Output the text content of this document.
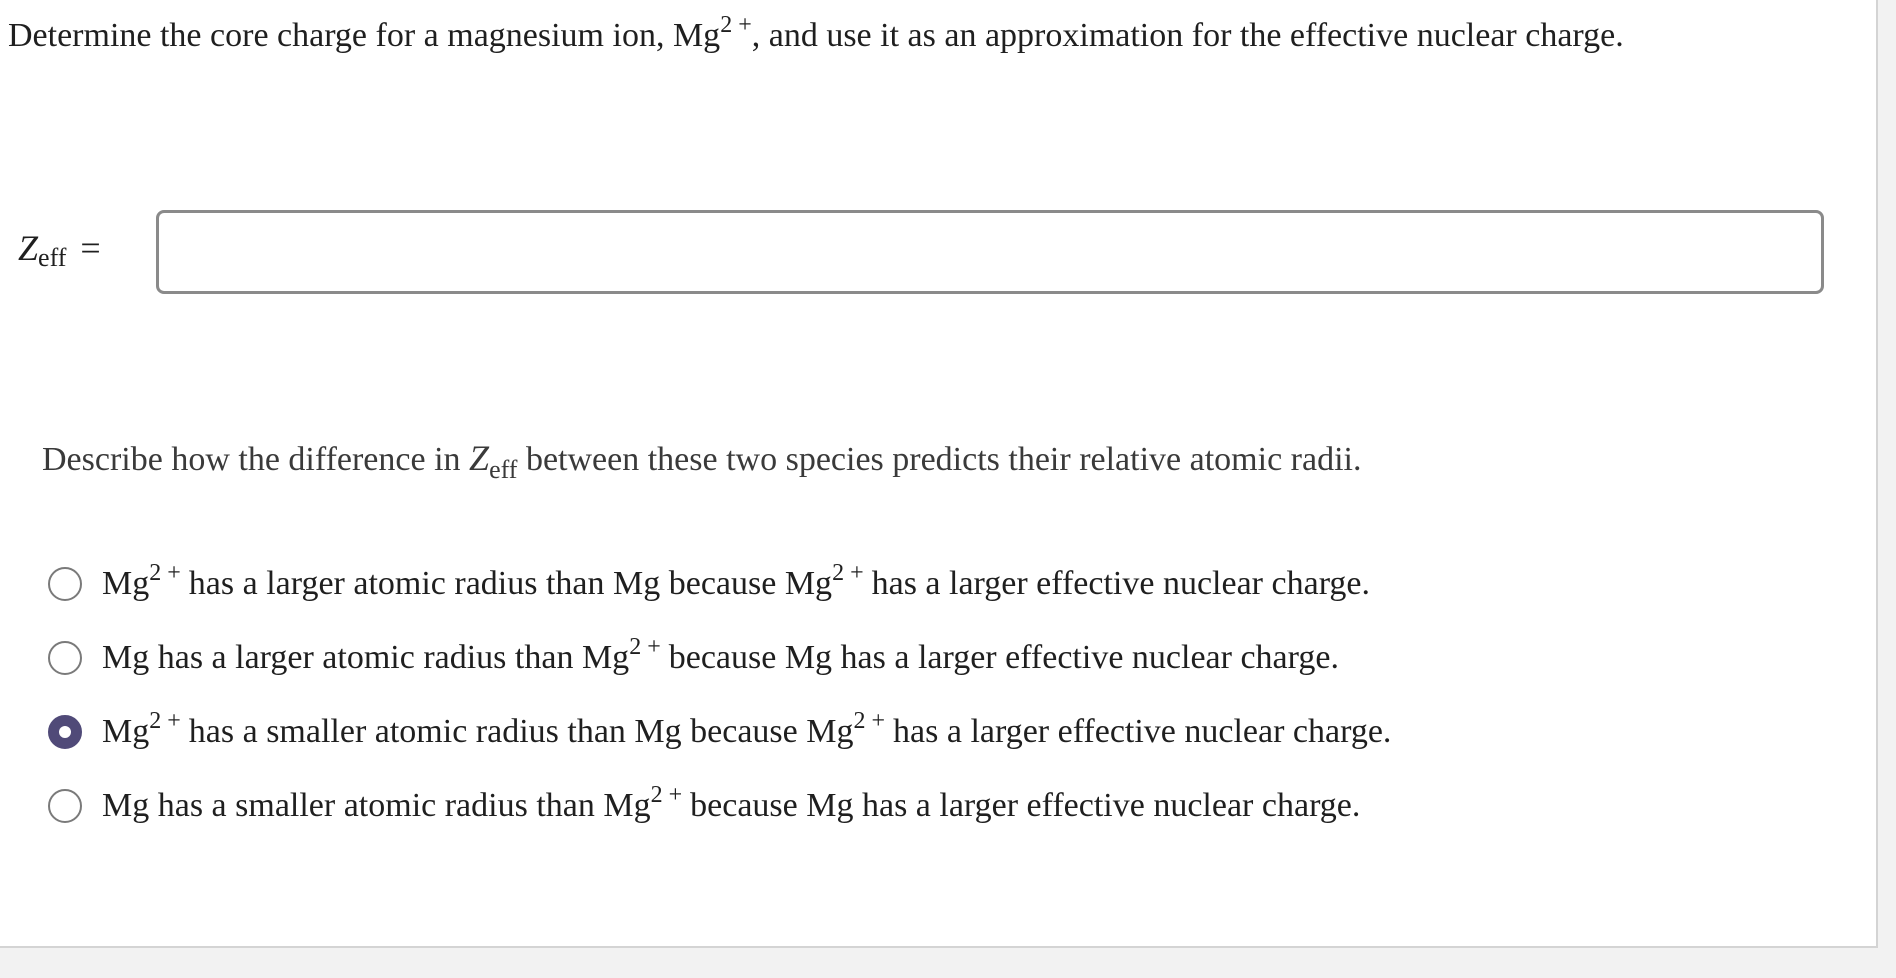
Determine the core charge for a magnesium ion, $Mg^{2 +}$, and use it as an approximation for the effective nuclear charge.
Zeff =
Describe how the difference in $Z_{eff}$ between these two species predicts their relative atomic radii.
$Mg^{2 +}$ has a larger atomic radius than Mg because $Mg^{2 +}$ has a larger effective nuclear charge.
Mg has a larger atomic radius than $Mg^{2 +}$ because Mg has a larger effective nuclear charge.
$Mg^{2 +}$ has a smaller atomic radius than Mg because $Mg^{2 +}$ has a larger effective nuclear charge.
Mg has a smaller atomic radius than $Mg^{2 +}$ because Mg has a larger effective nuclear charge.
